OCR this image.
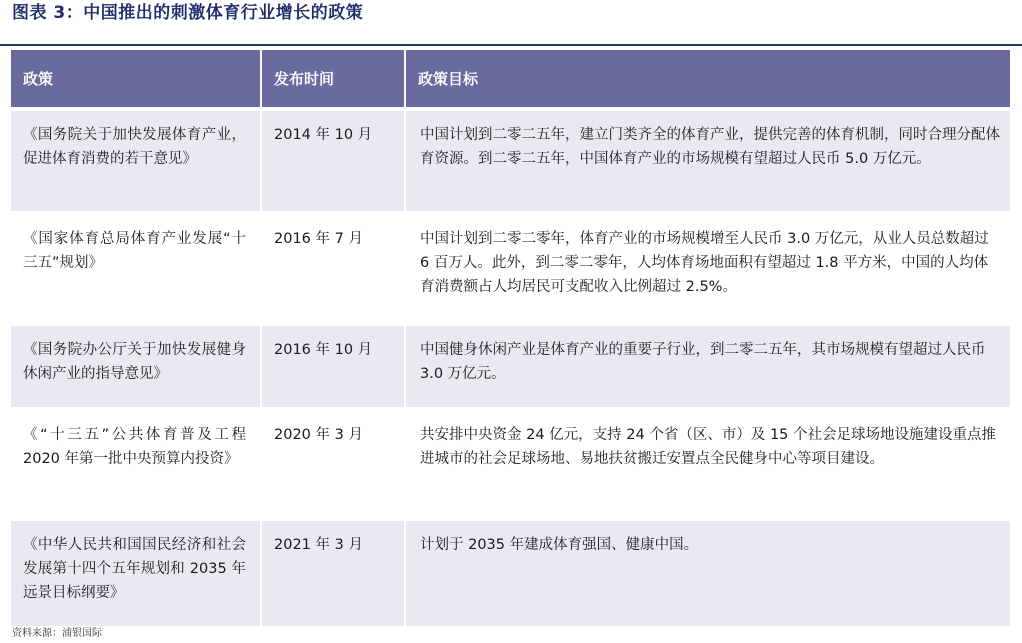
图表 3：中国推出的刺激体育行业增长的政策
政策	发布时间	政策目标
《国务院关于加快发展体育产业，促进体育消费的若干意见》	2014 年 10 月	中国计划到二零二五年，建立门类齐全的体育产业，提供完善的体育机制，同时合理分配体育资源。到二零二五年，中国体育产业的市场规模有望超过人民币 5.0 万亿元。
《国家体育总局体育产业发展“十三五”规划》	2016 年 7 月	中国计划到二零二零年，体育产业的市场规模增至人民币 3.0 万亿元，从业人员总数超过 6 百万人。此外，到二零二零年，人均体育场地面积有望超过 1.8 平方米，中国的人均体育消费额占人均居民可支配收入比例超过 2.5%。
《国务院办公厅关于加快发展健身休闲产业的指导意见》	2016 年 10 月	中国健身休闲产业是体育产业的重要子行业，到二零二五年，其市场规模有望超过人民币 3.0 万亿元。
《“十三五”公共体育普及工程 2020 年第一批中央预算内投资》	2020 年 3 月	共安排中央资金 24 亿元，支持 24 个省（区、市）及 15 个社会足球场地设施建设重点推进城市的社会足球场地、易地扶贫搬迁安置点全民健身中心等项目建设。
《中华人民共和国国民经济和社会发展第十四个五年规划和 2035 年远景目标纲要》	2021 年 3 月	计划于 2035 年建成体育强国、健康中国。
资料来源：浦银国际
